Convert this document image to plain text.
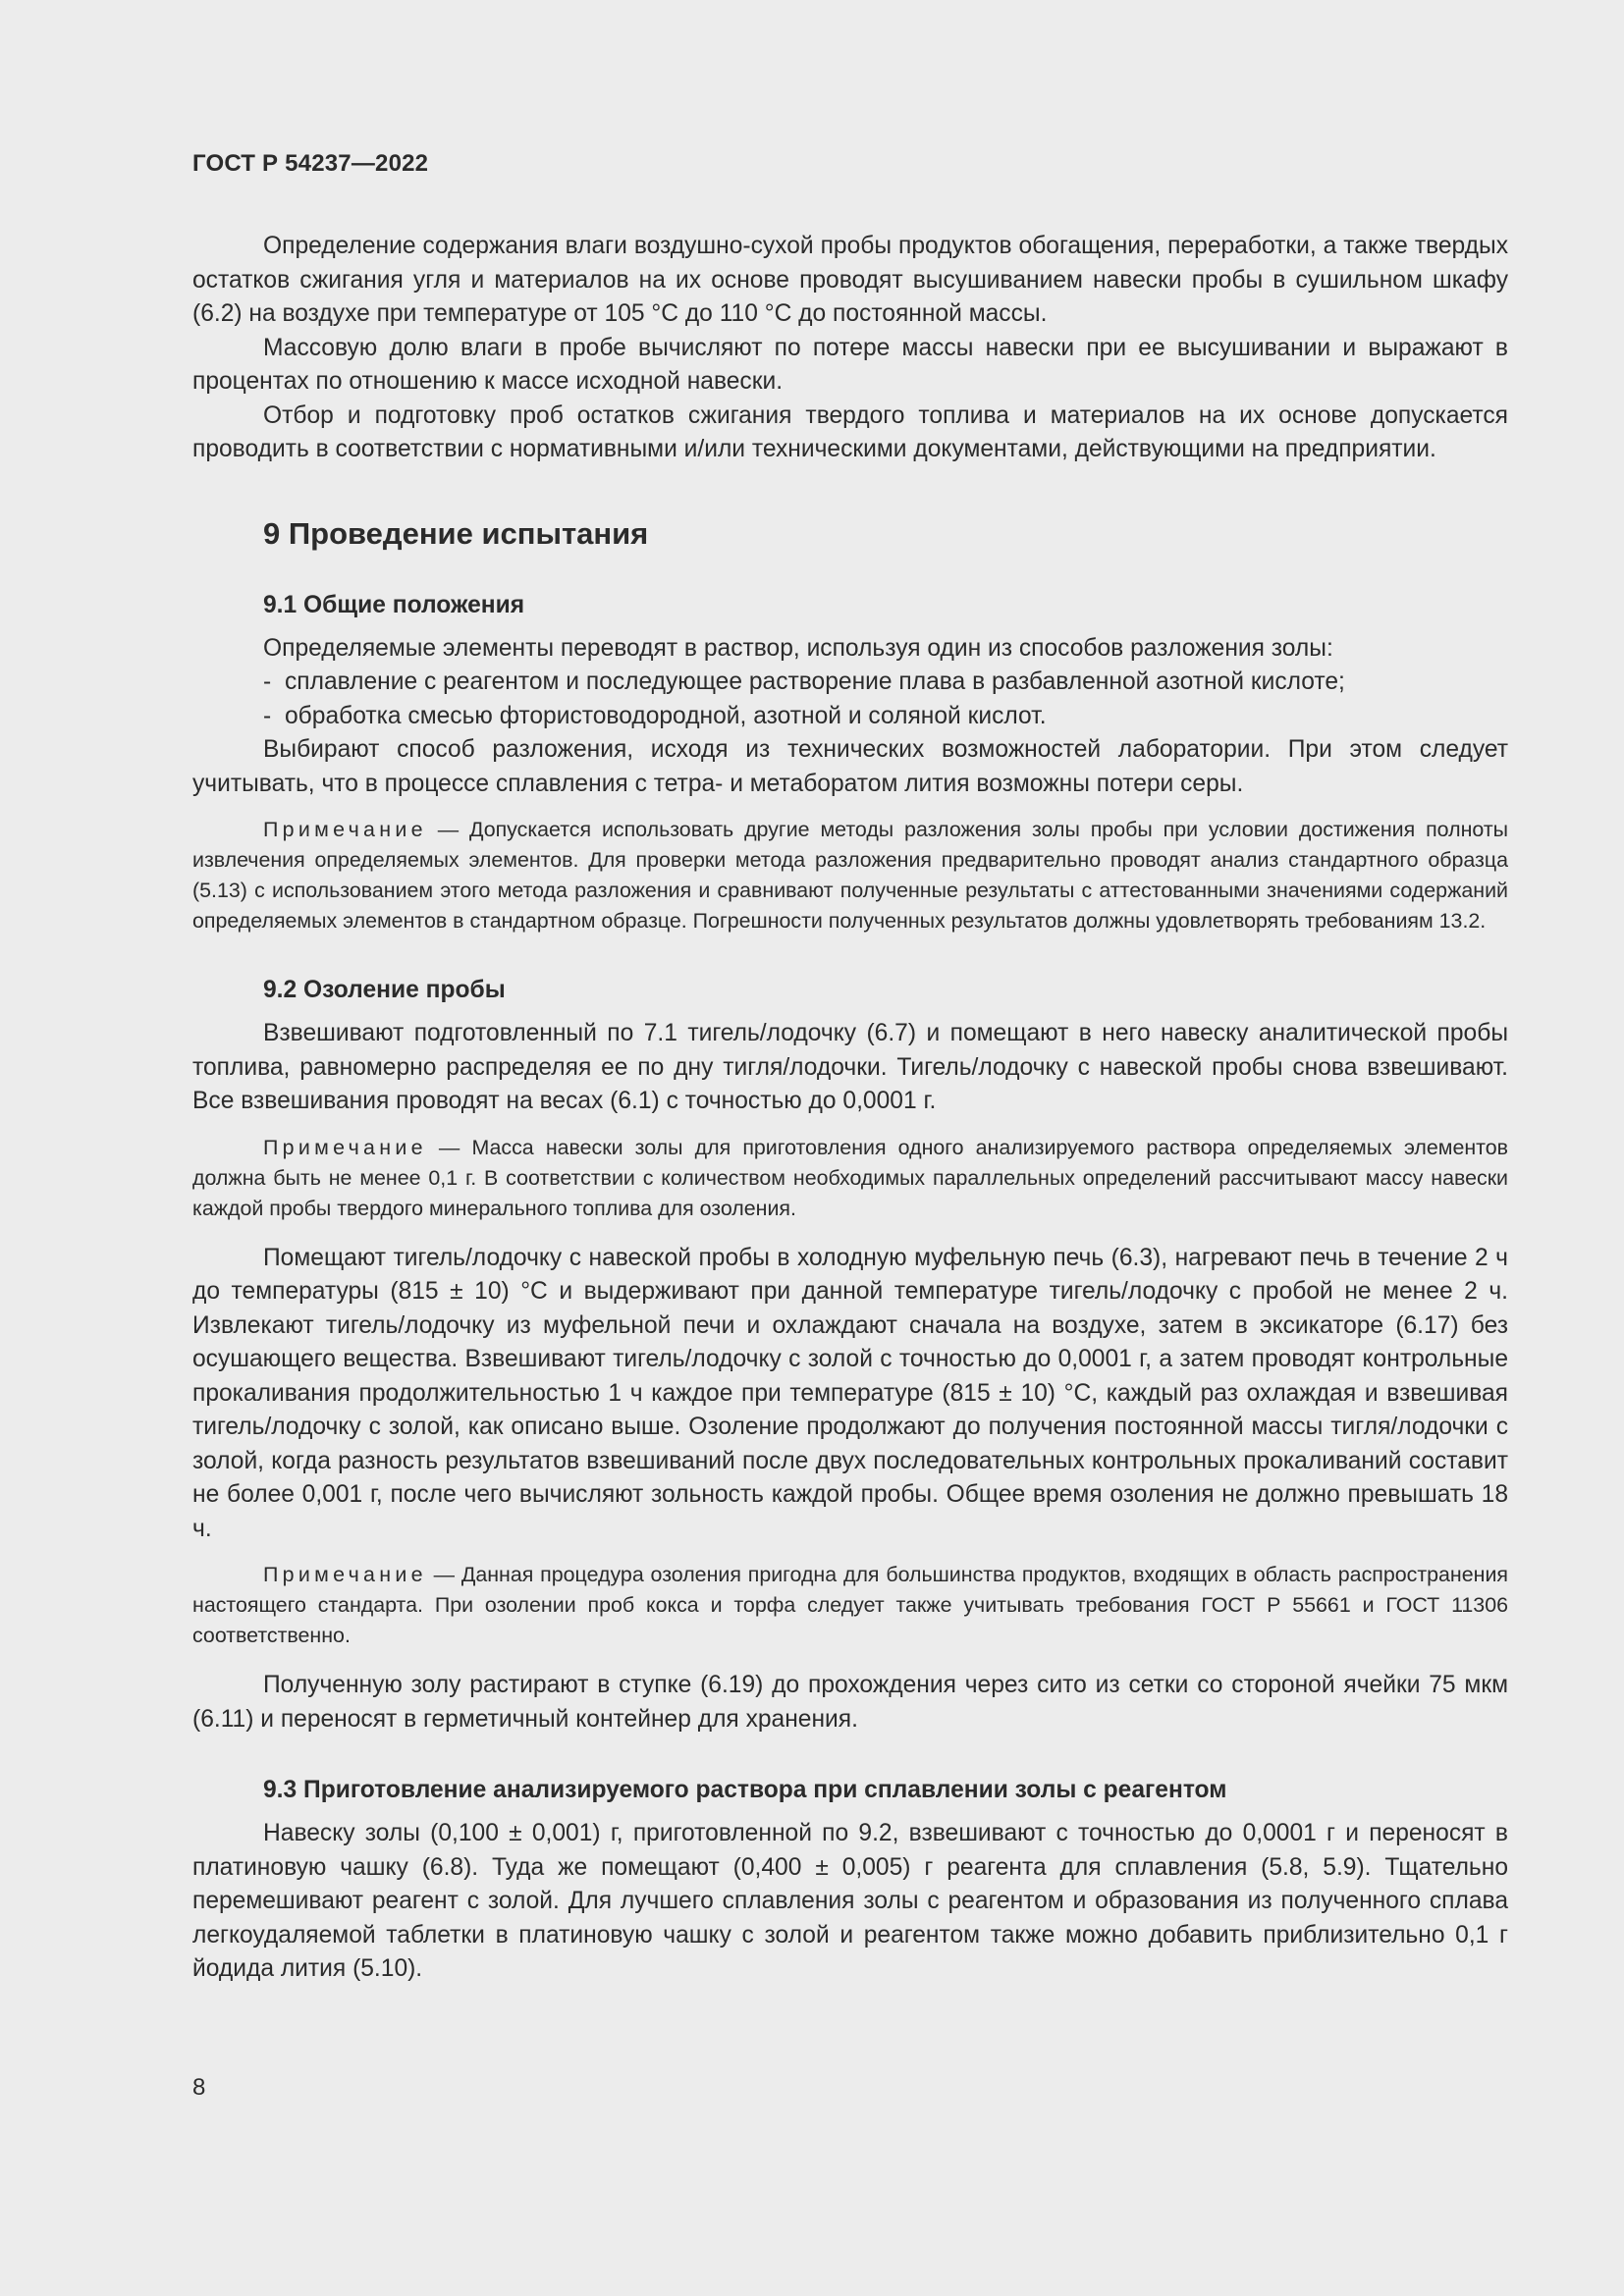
ГОСТ Р 54237—2022

Определение содержания влаги воздушно-сухой пробы продуктов обогащения, переработки, а также твердых остатков сжигания угля и материалов на их основе проводят высушиванием навески пробы в сушильном шкафу (6.2) на воздухе при температуре от 105 °С до 110 °С до постоянной массы.

Массовую долю влаги в пробе вычисляют по потере массы навески при ее высушивании и выражают в процентах по отношению к массе исходной навески.

Отбор и подготовку проб остатков сжигания твердого топлива и материалов на их основе допускается проводить в соответствии с нормативными и/или техническими документами, действующими на предприятии.

9 Проведение испытания
9.1 Общие положения

Определяемые элементы переводят в раствор, используя один из способов разложения золы:

- сплавление с реагентом и последующее растворение плава в разбавленной азотной кислоте;
- обработка смесью фтористоводородной, азотной и соляной кислот.

Выбирают способ разложения, исходя из технических возможностей лаборатории. При этом следует учитывать, что в процессе сплавления с тетра- и метаборатом лития возможны потери серы.

Примечание — Допускается использовать другие методы разложения золы пробы при условии достижения полноты извлечения определяемых элементов. Для проверки метода разложения предварительно проводят анализ стандартного образца (5.13) с использованием этого метода разложения и сравнивают полученные результаты с аттестованными значениями содержаний определяемых элементов в стандартном образце. Погрешности полученных результатов должны удовлетворять требованиям 13.2.

9.2 Озоление пробы

Взвешивают подготовленный по 7.1 тигель/лодочку (6.7) и помещают в него навеску аналитической пробы топлива, равномерно распределяя ее по дну тигля/лодочки. Тигель/лодочку с навеской пробы снова взвешивают. Все взвешивания проводят на весах (6.1) с точностью до 0,0001 г.

Примечание — Масса навески золы для приготовления одного анализируемого раствора определяемых элементов должна быть не менее 0,1 г. В соответствии с количеством необходимых параллельных определений рассчитывают массу навески каждой пробы твердого минерального топлива для озоления.

Помещают тигель/лодочку с навеской пробы в холодную муфельную печь (6.3), нагревают печь в течение 2 ч до температуры (815 ± 10) °С и выдерживают при данной температуре тигель/лодочку с пробой не менее 2 ч. Извлекают тигель/лодочку из муфельной печи и охлаждают сначала на воздухе, затем в эксикаторе (6.17) без осушающего вещества. Взвешивают тигель/лодочку с золой с точностью до 0,0001 г, а затем проводят контрольные прокаливания продолжительностью 1 ч каждое при температуре (815 ± 10) °С, каждый раз охлаждая и взвешивая тигель/лодочку с золой, как описано выше. Озоление продолжают до получения постоянной массы тигля/лодочки с золой, когда разность результатов взвешиваний после двух последовательных контрольных прокаливаний составит не более 0,001 г, после чего вычисляют зольность каждой пробы. Общее время озоления не должно превышать 18 ч.

Примечание — Данная процедура озоления пригодна для большинства продуктов, входящих в область распространения настоящего стандарта. При озолении проб кокса и торфа следует также учитывать требования ГОСТ Р 55661 и ГОСТ 11306 соответственно.

Полученную золу растирают в ступке (6.19) до прохождения через сито из сетки со стороной ячейки 75 мкм (6.11) и переносят в герметичный контейнер для хранения.

9.3 Приготовление анализируемого раствора при сплавлении золы с реагентом

Навеску золы (0,100 ± 0,001) г, приготовленной по 9.2, взвешивают с точностью до 0,0001 г и переносят в платиновую чашку (6.8). Туда же помещают (0,400 ± 0,005) г реагента для сплавления (5.8, 5.9). Тщательно перемешивают реагент с золой. Для лучшего сплавления золы с реагентом и образования из полученного сплава легкоудаляемой таблетки в платиновую чашку с золой и реагентом также можно добавить приблизительно 0,1 г йодида лития (5.10).

8
